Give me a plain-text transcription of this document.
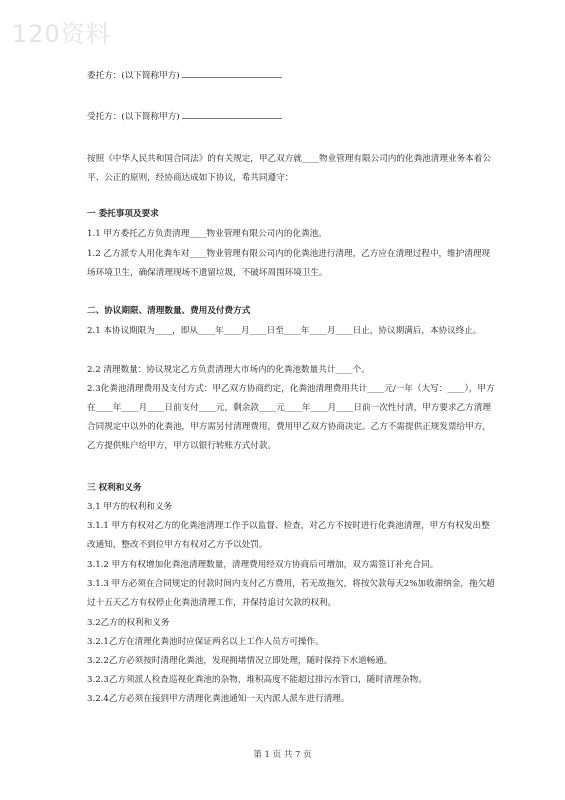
120资料
委托方：(以下简称甲方)
受托方：(以下简称甲方)
按照《中华人民共和国合同法》的有关规定，甲乙双方就____物业管理有限公司内的化粪池清理业务本着公平、公正的原则，经协商达成如下协议，希共同遵守：
一 委托事项及要求
1.1 甲方委托乙方负责清理____物业管理有限公司内的化粪池。
1.2 乙方派专人用化粪车对____物业管理有限公司内的化粪池进行清理，乙方应在清理过程中，维护清理现场环境卫生，确保清理现场不遗留垃圾，不破坏周围环境卫生。
二、协议期限、清理数量、费用及付费方式
2.1 本协议期限为____，即从____年____月____日至____年____月____日止，协议期满后，本协议终止。
2.2 清理数量：协议规定乙方负责清理大市场内的化粪池数量共计____个。
2.3化粪池清理费用及支付方式：甲乙双方协商约定，化粪池清理费用共计____元/一年（大写：____），甲方在____年____月____日前支付____元，剩余款____元____年____月____日前一次性付清，甲方要求乙方清理合同规定中以外的化粪池，甲方需另付清理费用，费用甲乙双方协商决定。乙方不需提供正规发票给甲方，乙方提供账户给甲方，甲方以银行转账方式付款。
三 权利和义务
3.1 甲方的权利和义务
3.1.1 甲方有权对乙方的化粪池清理工作予以监督、检查，对乙方不按时进行化粪池清理，甲方有权发出整改通知，整改不到位甲方有权对乙方予以处罚。
3.1.2 甲方有权增加化粪池清理数量，清理费用经双方协商后可增加，双方需签订补充合同。
3.1.3 甲方必须在合同规定的付款时间内支付乙方费用，若无故拖欠，将按欠款每天2%加收滞纳金，拖欠超过十五天乙方有权停止化粪池清理工作，并保持追讨欠款的权利。
3.2乙方的权利和义务
3.2.1乙方在清理化粪池时应保证两名以上工作人员方可操作。
3.2.2乙方必须按时清理化粪池，发现拥堵情况立即处理，随时保持下水道畅通。
3.2.3乙方须派人检查巡视化粪池的杂物，堆积高度不能超过排污水管口，随时清理杂物。
3.2.4乙方必须在接到甲方清理化粪池通知一天内派人派车进行清理。
第 1 页 共 7 页
